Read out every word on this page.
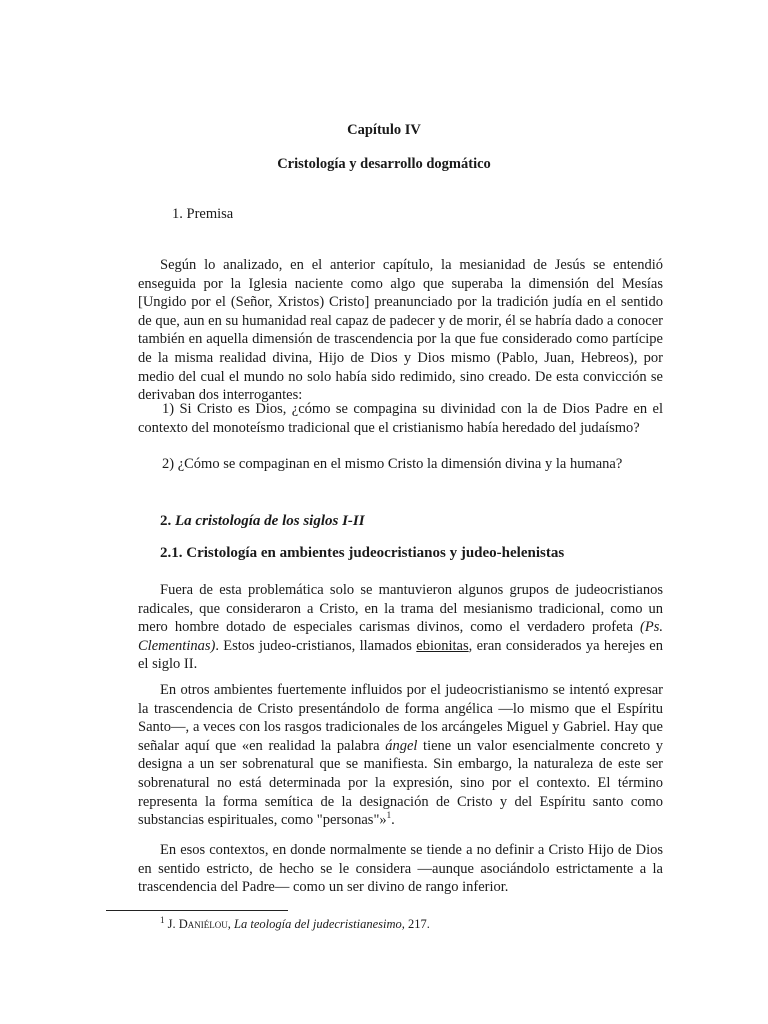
Capítulo IV
Cristología y desarrollo dogmático

1. Premisa

Según lo analizado, en el anterior capítulo, la mesianidad de Jesús se entendió enseguida por la Iglesia naciente como algo que superaba la dimensión del Mesías [Ungido por el (Señor, Xristos) Cristo] preanunciado por la tradición judía en el sentido de que, aun en su humanidad real capaz de padecer y de morir, él se habría dado a conocer también en aquella dimensión de trascendencia por la que fue considerado como partícipe de la misma realidad divina, Hijo de Dios y Dios mismo (Pablo, Juan, Hebreos), por medio del cual el mundo no solo había sido redimido, sino creado. De esta convicción se derivaban dos interrogantes:

1) Si Cristo es Dios, ¿cómo se compagina su divinidad con la de Dios Padre en el contexto del monoteísmo tradicional que el cristianismo había heredado del judaísmo?

2) ¿Cómo se compaginan en el mismo Cristo la dimensión divina y la humana?

2. La cristología de los siglos I-II

2.1. Cristología en ambientes judeocristianos y judeo-helenistas

Fuera de esta problemática solo se mantuvieron algunos grupos de judeocristianos radicales, que consideraron a Cristo, en la trama del mesianismo tradicional, como un mero hombre dotado de especiales carismas divinos, como el verdadero profeta (Ps. Clementinas). Estos judeo-cristianos, llamados ebionitas, eran considerados ya herejes en el siglo II.

En otros ambientes fuertemente influidos por el judeocristianismo se intentó expresar la trascendencia de Cristo presentándolo de forma angélica —lo mismo que el Espíritu Santo—, a veces con los rasgos tradicionales de los arcángeles Miguel y Gabriel. Hay que señalar aquí que «en realidad la palabra ángel tiene un valor esencialmente concreto y designa a un ser sobrenatural que se manifiesta. Sin embargo, la naturaleza de este ser sobrenatural no está determinada por la expresión, sino por el contexto. El término representa la forma semítica de la designación de Cristo y del Espíritu santo como substancias espirituales, como "personas"»$^1$.

En esos contextos, en donde normalmente se tiende a no definir a Cristo Hijo de Dios en sentido estricto, de hecho se le considera —aunque asociándolo estrictamente a la trascendencia del Padre— como un ser divino de rango inferior.

$^1$ J. Daniélou, La teología del judecristianesimo, 217.
